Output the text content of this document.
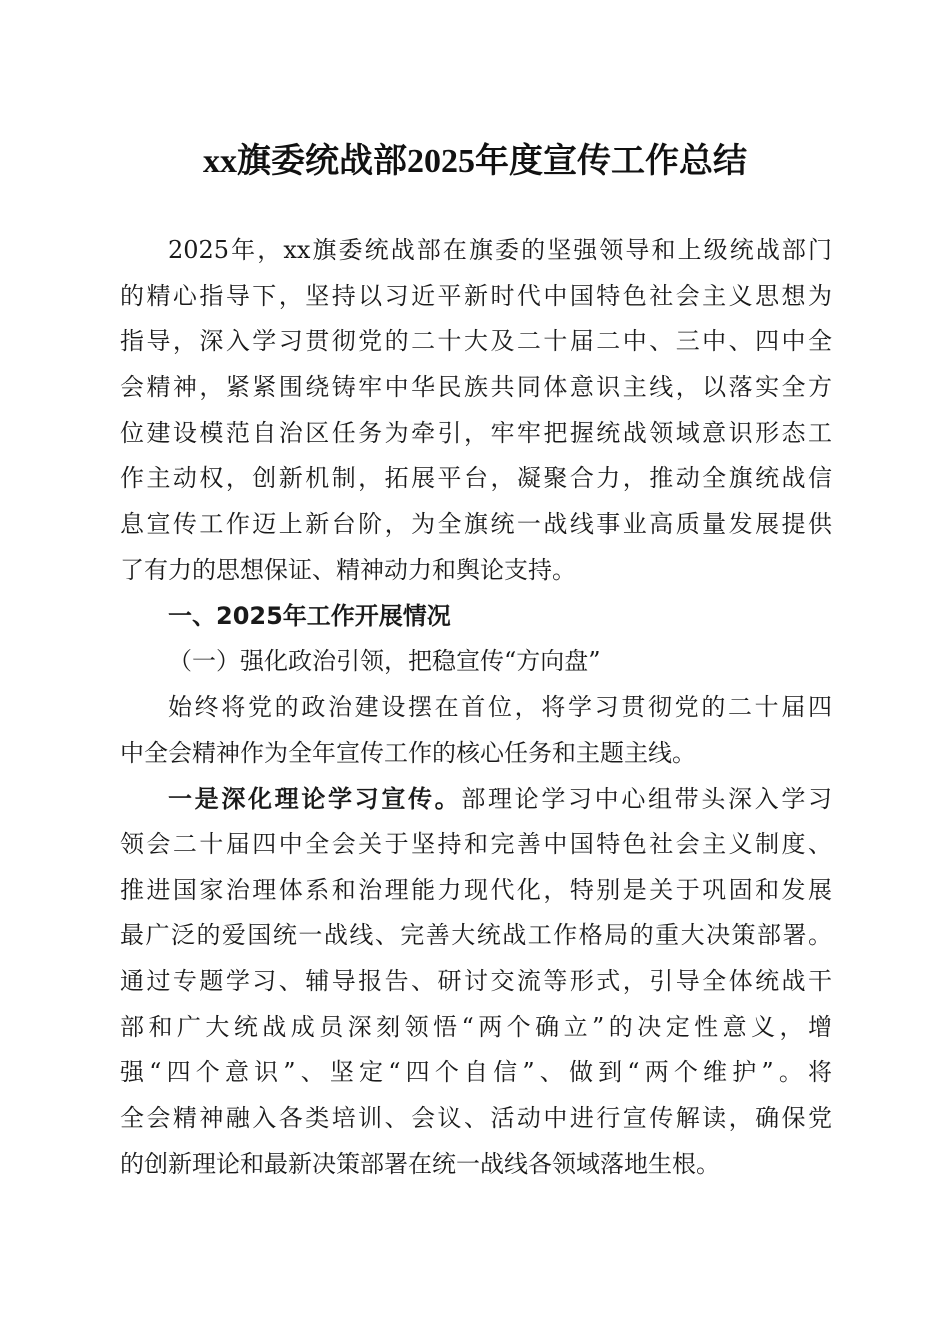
xx旗委统战部2025年度宣传工作总结
2025年，xx旗委统战部在旗委的坚强领导和上级统战部门
的精心指导下，坚持以习近平新时代中国特色社会主义思想为
指导，深入学习贯彻党的二十大及二十届二中、三中、四中全
会精神，紧紧围绕铸牢中华民族共同体意识主线，以落实全方
位建设模范自治区任务为牵引，牢牢把握统战领域意识形态工
作主动权，创新机制，拓展平台，凝聚合力，推动全旗统战信
息宣传工作迈上新台阶，为全旗统一战线事业高质量发展提供
了有力的思想保证、精神动力和舆论支持。
一、2025年工作开展情况
（一）强化政治引领，把稳宣传“方向盘”
始终将党的政治建设摆在首位，将学习贯彻党的二十届四
中全会精神作为全年宣传工作的核心任务和主题主线。
一是深化理论学习宣传。部理论学习中心组带头深入学习
领会二十届四中全会关于坚持和完善中国特色社会主义制度、
推进国家治理体系和治理能力现代化，特别是关于巩固和发展
最广泛的爱国统一战线、完善大统战工作格局的重大决策部署。
通过专题学习、辅导报告、研讨交流等形式，引导全体统战干
部和广大统战成员深刻领悟“两个确立”的决定性意义，增
强“四个意识”、坚定“四个自信”、做到“两个维护”。将
全会精神融入各类培训、会议、活动中进行宣传解读，确保党
的创新理论和最新决策部署在统一战线各领域落地生根。
